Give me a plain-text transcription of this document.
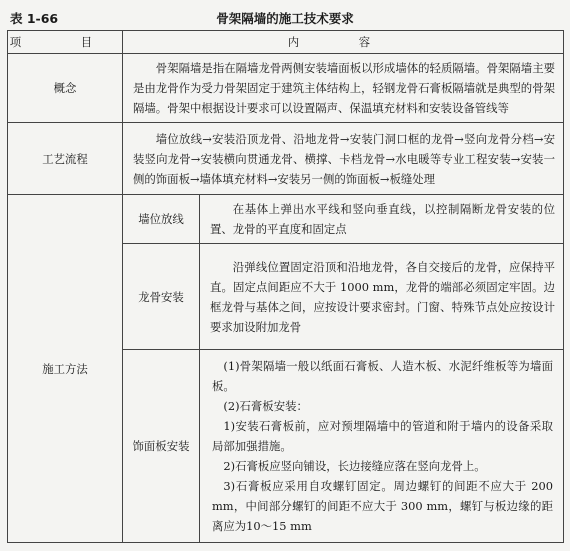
表 1-66	骨架隔墙的施工技术要求
项 目	内 容	
概念	骨架隔墙是指在隔墙龙骨两侧安装墙面板以形成墙体的轻质隔墙。骨架隔墙主要是由龙骨作为受力骨架固定于建筑主体结构上，轻钢龙骨石膏板隔墙就是典型的骨架隔墙。骨架中根据设计要求可以设置隔声、保温填充材料和安装设备管线等	

工艺流程	墙位放线→安装沿顶龙骨、沿地龙骨→安装门洞口框的龙骨→竖向龙骨分档→安装竖向龙骨→安装横向贯通龙骨、横撑、卡档龙骨→水电暖等专业工程安装→安装一侧的饰面板→墙体填充材料→安装另一侧的饰面板→板缝处理	

施工方法	墙位放线	在基体上弹出水平线和竖向垂直线，以控制隔断龙骨安装的位置、龙骨的平直度和固定点

	龙骨安装	沿弹线位置固定沿顶和沿地龙骨，各自交接后的龙骨，应保持平直。固定点间距应不大于 1000 mm，龙骨的端部必须固定牢固。边框龙骨与基体之间，应按设计要求密封。门窗、特殊节点处应按设计要求加设附加龙骨

	饰面板安装	(1)骨架隔墙一般以纸面石膏板、人造木板、水泥纤维板等为墙面板。

(2)石膏板安装：

1)安装石膏板前，应对预埋隔墙中的管道和附于墙内的设备采取局部加强措施。

2)石膏板应竖向铺设，长边接缝应落在竖向龙骨上。

3)石膏板应采用自攻螺钉固定。周边螺钉的间距不应大于 200 mm，中间部分螺钉的间距不应大于 300 mm，螺钉与板边缘的距离应为10～15 mm
